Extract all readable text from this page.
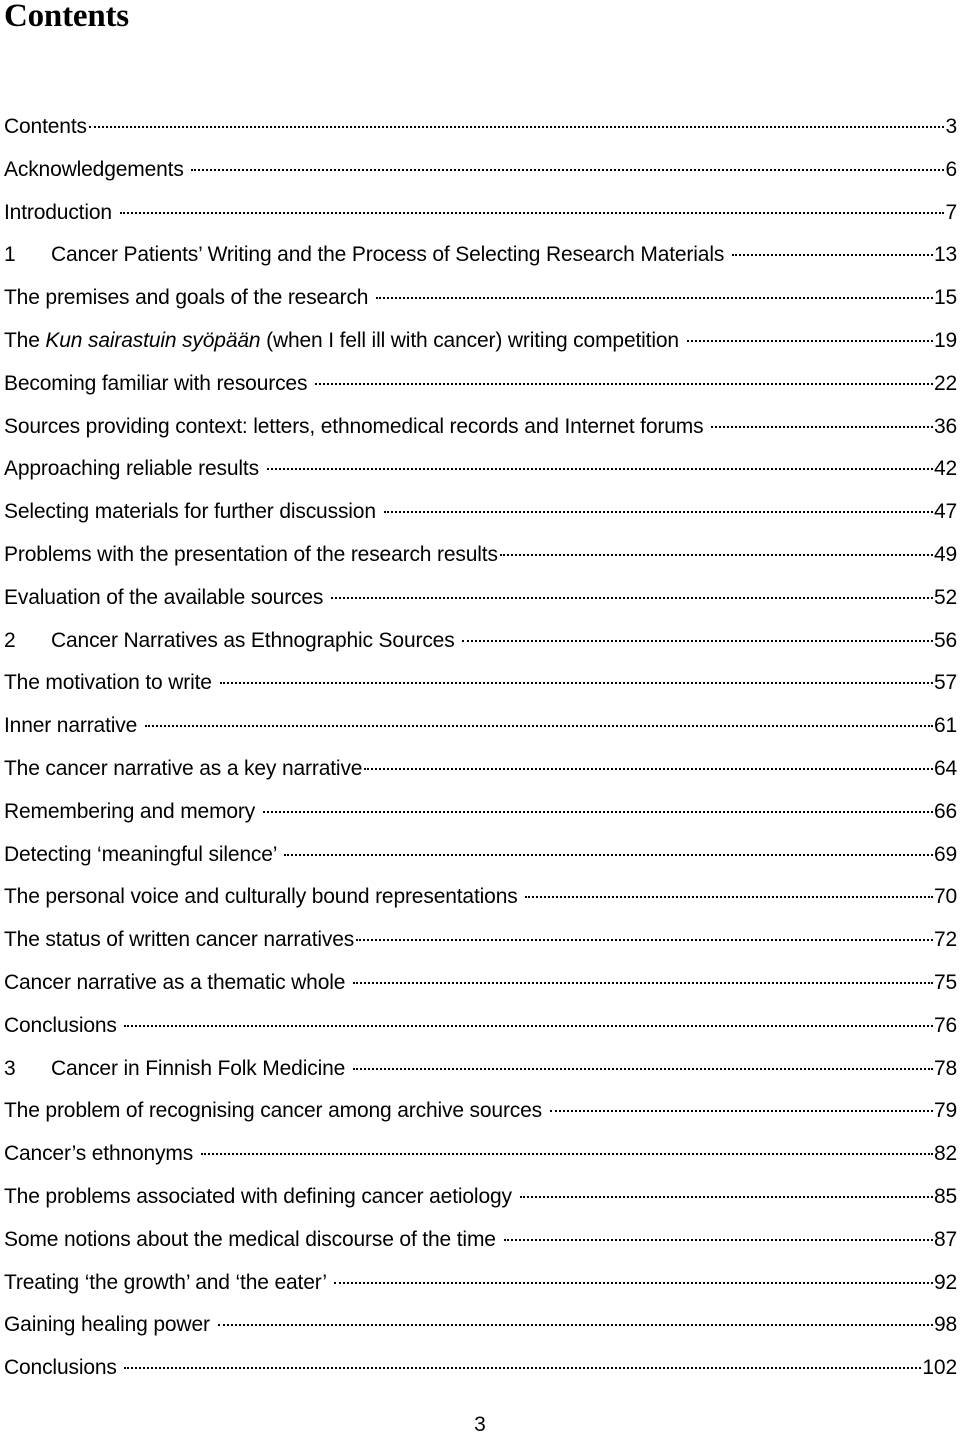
Contents
Contents	3
Acknowledgements	6
Introduction	7
1	Cancer Patients’ Writing and the Process of Selecting Research Materials	13
The premises and goals of the research	15
The Kun sairastuin syöpään (when I fell ill with cancer) writing competition	19
Becoming familiar with resources	22
Sources providing context: letters, ethnomedical records and Internet forums	36
Approaching reliable results	42
Selecting materials for further discussion	47
Problems with the presentation of the research results	49
Evaluation of the available sources	52
2	Cancer Narratives as Ethnographic Sources	56
The motivation to write	57
Inner narrative	61
The cancer narrative as a key narrative	64
Remembering and memory	66
Detecting ‘meaningful silence’	69
The personal voice and culturally bound representations	70
The status of written cancer narratives	72
Cancer narrative as a thematic whole	75
Conclusions	76
3	Cancer in Finnish Folk Medicine	78
The problem of recognising cancer among archive sources	79
Cancer’s ethnonyms	82
The problems associated with defining cancer aetiology	85
Some notions about the medical discourse of the time	87
Treating ‘the growth’ and ‘the eater’	92
Gaining healing power	98
Conclusions	102
3
